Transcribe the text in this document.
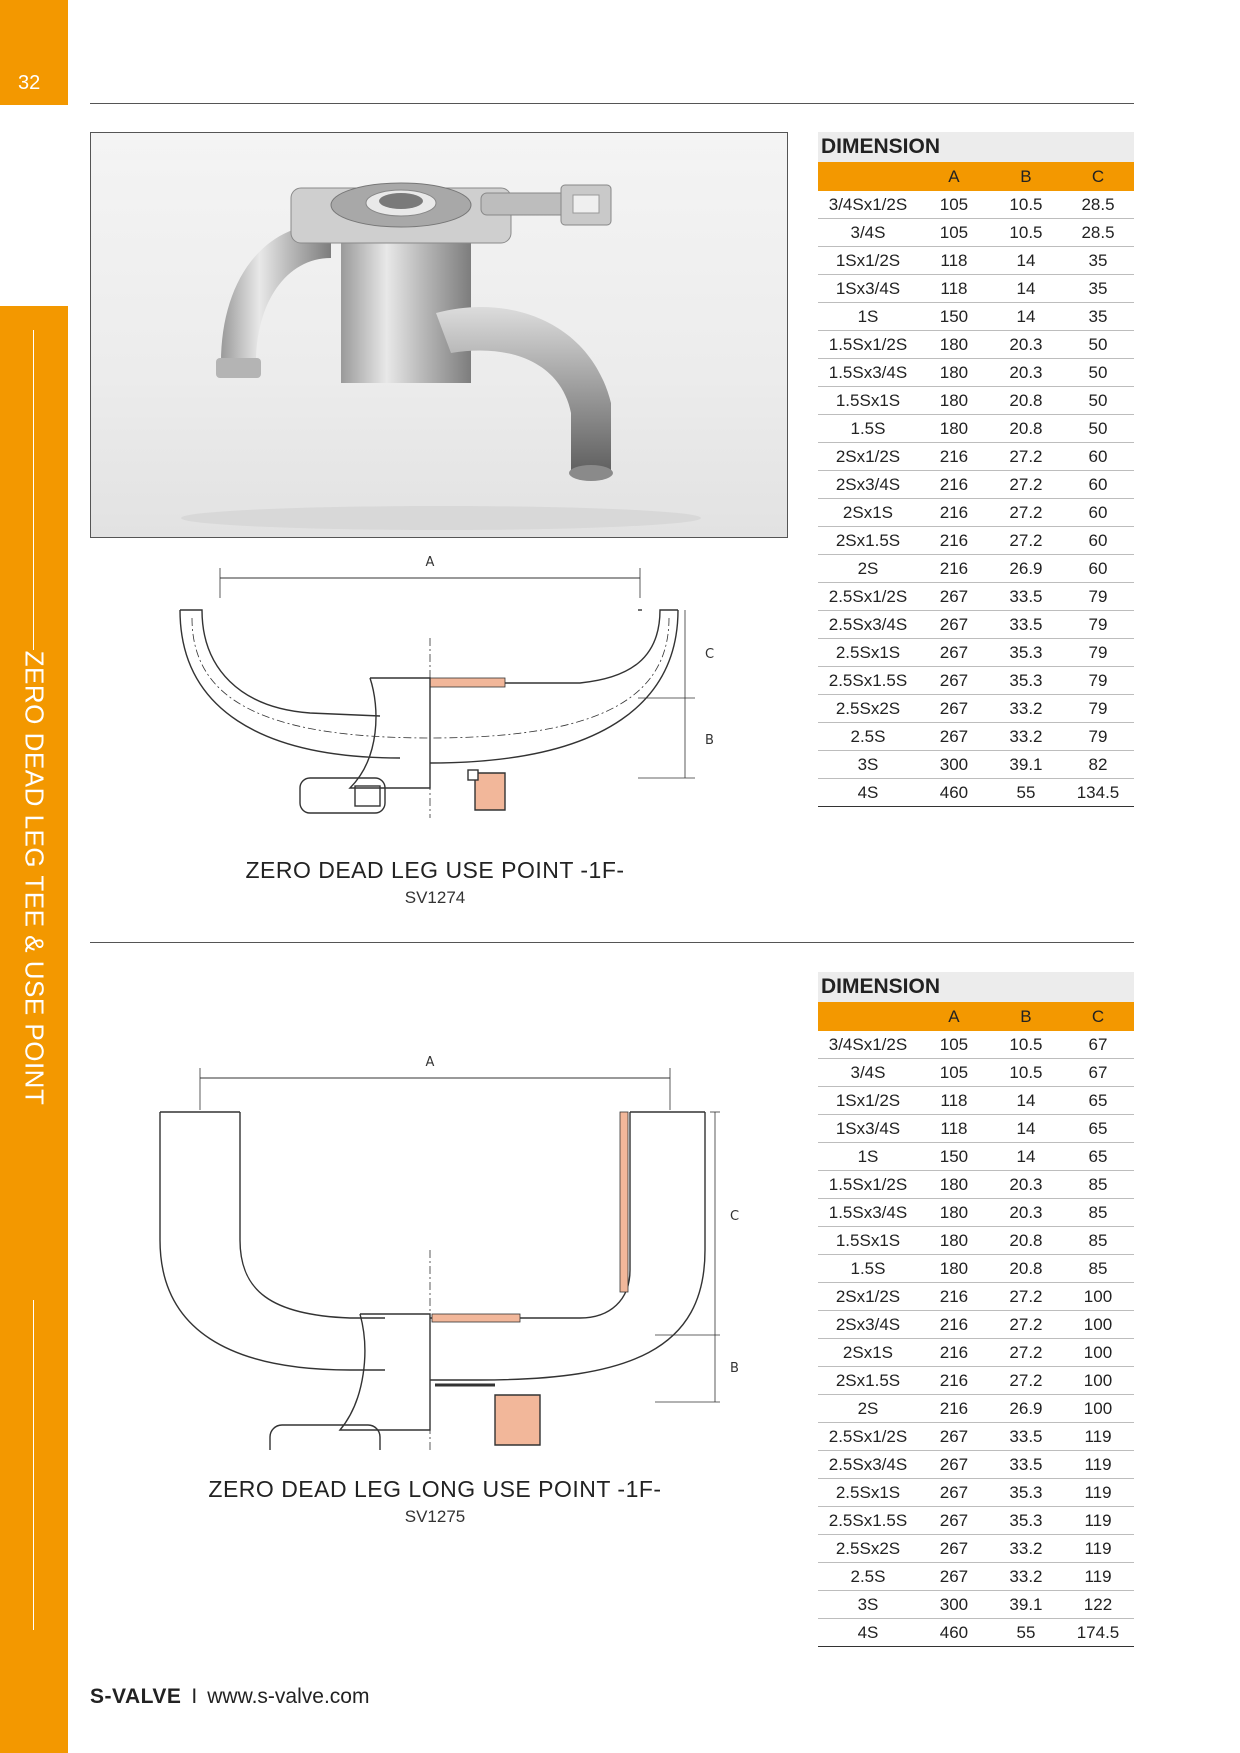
32
ZERO DEAD LEG TEE & USE POINT
A
C
B
ZERO DEAD LEG USE POINT -1F-
SV1274
DIMENSION
	A	B	C
3/4Sx1/2S	105	10.5	28.5
3/4S	105	10.5	28.5
1Sx1/2S	118	14	35
1Sx3/4S	118	14	35
1S	150	14	35
1.5Sx1/2S	180	20.3	50
1.5Sx3/4S	180	20.3	50
1.5Sx1S	180	20.8	50
1.5S	180	20.8	50
2Sx1/2S	216	27.2	60
2Sx3/4S	216	27.2	60
2Sx1S	216	27.2	60
2Sx1.5S	216	27.2	60
2S	216	26.9	60
2.5Sx1/2S	267	33.5	79
2.5Sx3/4S	267	33.5	79
2.5Sx1S	267	35.3	79
2.5Sx1.5S	267	35.3	79
2.5Sx2S	267	33.2	79
2.5S	267	33.2	79
3S	300	39.1	82
4S	460	55	134.5
A
C
B
ZERO DEAD LEG LONG USE POINT -1F-
SV1275
DIMENSION
	A	B	C
3/4Sx1/2S	105	10.5	67
3/4S	105	10.5	67
1Sx1/2S	118	14	65
1Sx3/4S	118	14	65
1S	150	14	65
1.5Sx1/2S	180	20.3	85
1.5Sx3/4S	180	20.3	85
1.5Sx1S	180	20.8	85
1.5S	180	20.8	85
2Sx1/2S	216	27.2	100
2Sx3/4S	216	27.2	100
2Sx1S	216	27.2	100
2Sx1.5S	216	27.2	100
2S	216	26.9	100
2.5Sx1/2S	267	33.5	119
2.5Sx3/4S	267	33.5	119
2.5Sx1S	267	35.3	119
2.5Sx1.5S	267	35.3	119
2.5Sx2S	267	33.2	119
2.5S	267	33.2	119
3S	300	39.1	122
4S	460	55	174.5
S-VALVE I www.s-valve.com
